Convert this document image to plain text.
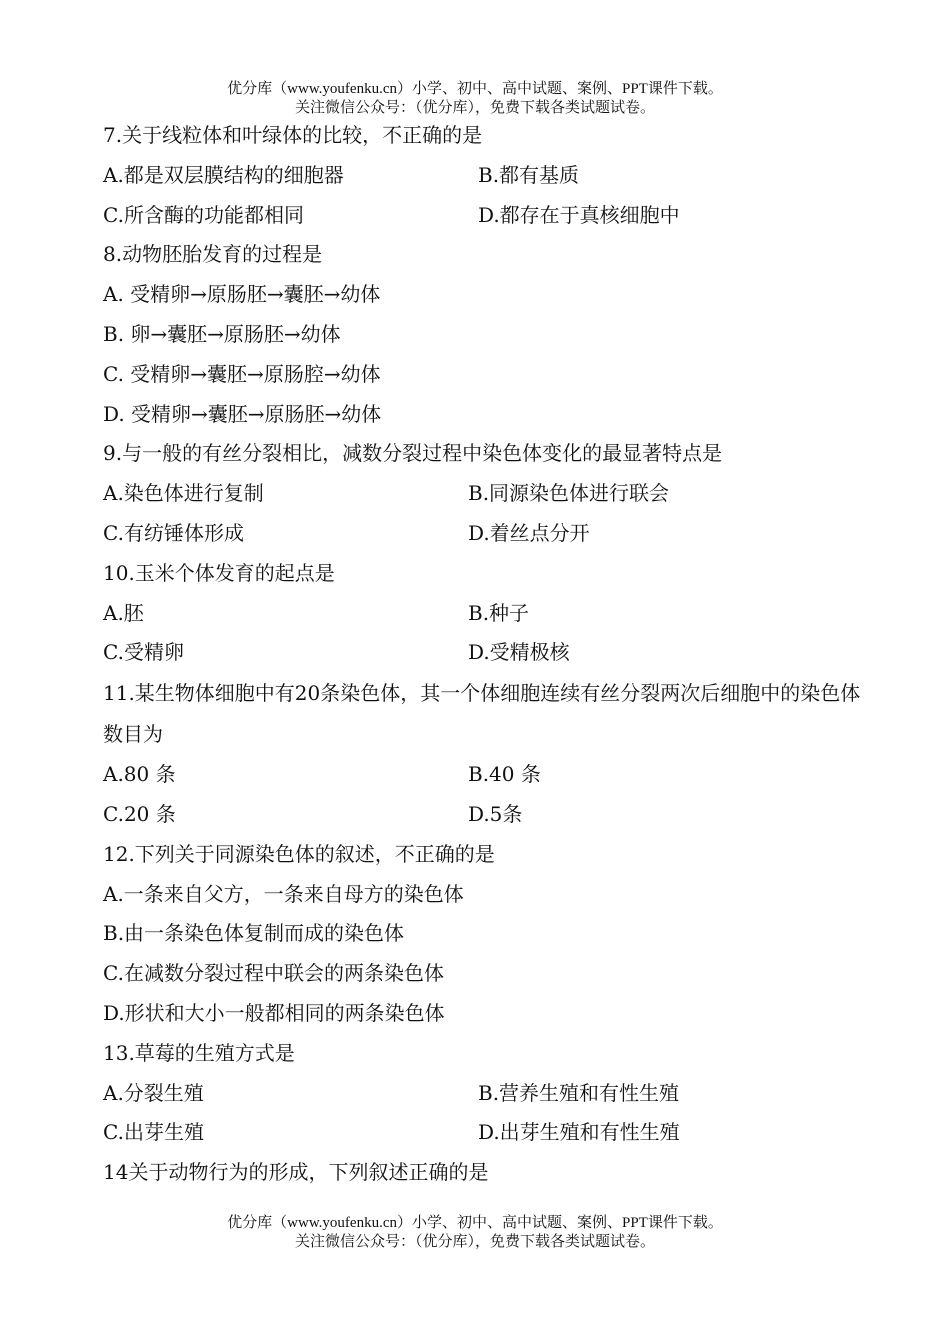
优分库（www.youfenku.cn）小学、初中、高中试题、案例、PPT课件下载。
关注微信公众号：（优分库），免费下载各类试题试卷。
7.关于线粒体和叶绿体的比较，不正确的是
A.都是双层膜结构的细胞器	B.都有基质
C.所含酶的功能都相同	D.都存在于真核细胞中
8.动物胚胎发育的过程是
A. 受精卵→原肠胚→囊胚→幼体
B. 卵→囊胚→原肠胚→幼体
C. 受精卵→囊胚→原肠腔→幼体
D. 受精卵→囊胚→原肠胚→幼体
9.与一般的有丝分裂相比，减数分裂过程中染色体变化的最显著特点是
A.染色体进行复制	B.同源染色体进行联会
C.有纺锤体形成	D.着丝点分开
10.玉米个体发育的起点是
A.胚	B.种子
C.受精卵	D.受精极核
11.某生物体细胞中有20条染色体，其一个体细胞连续有丝分裂两次后细胞中的染色体数目为
A.80 条	B.40 条
C.20 条	D.5条
12.下列关于同源染色体的叙述，不正确的是
A.一条来自父方，一条来自母方的染色体
B.由一条染色体复制而成的染色体
C.在减数分裂过程中联会的两条染色体
D.形状和大小一般都相同的两条染色体
13.草莓的生殖方式是
A.分裂生殖	B.营养生殖和有性生殖
C.出芽生殖	D.出芽生殖和有性生殖
14关于动物行为的形成，下列叙述正确的是
优分库（www.youfenku.cn）小学、初中、高中试题、案例、PPT课件下载。
关注微信公众号：（优分库），免费下载各类试题试卷。
